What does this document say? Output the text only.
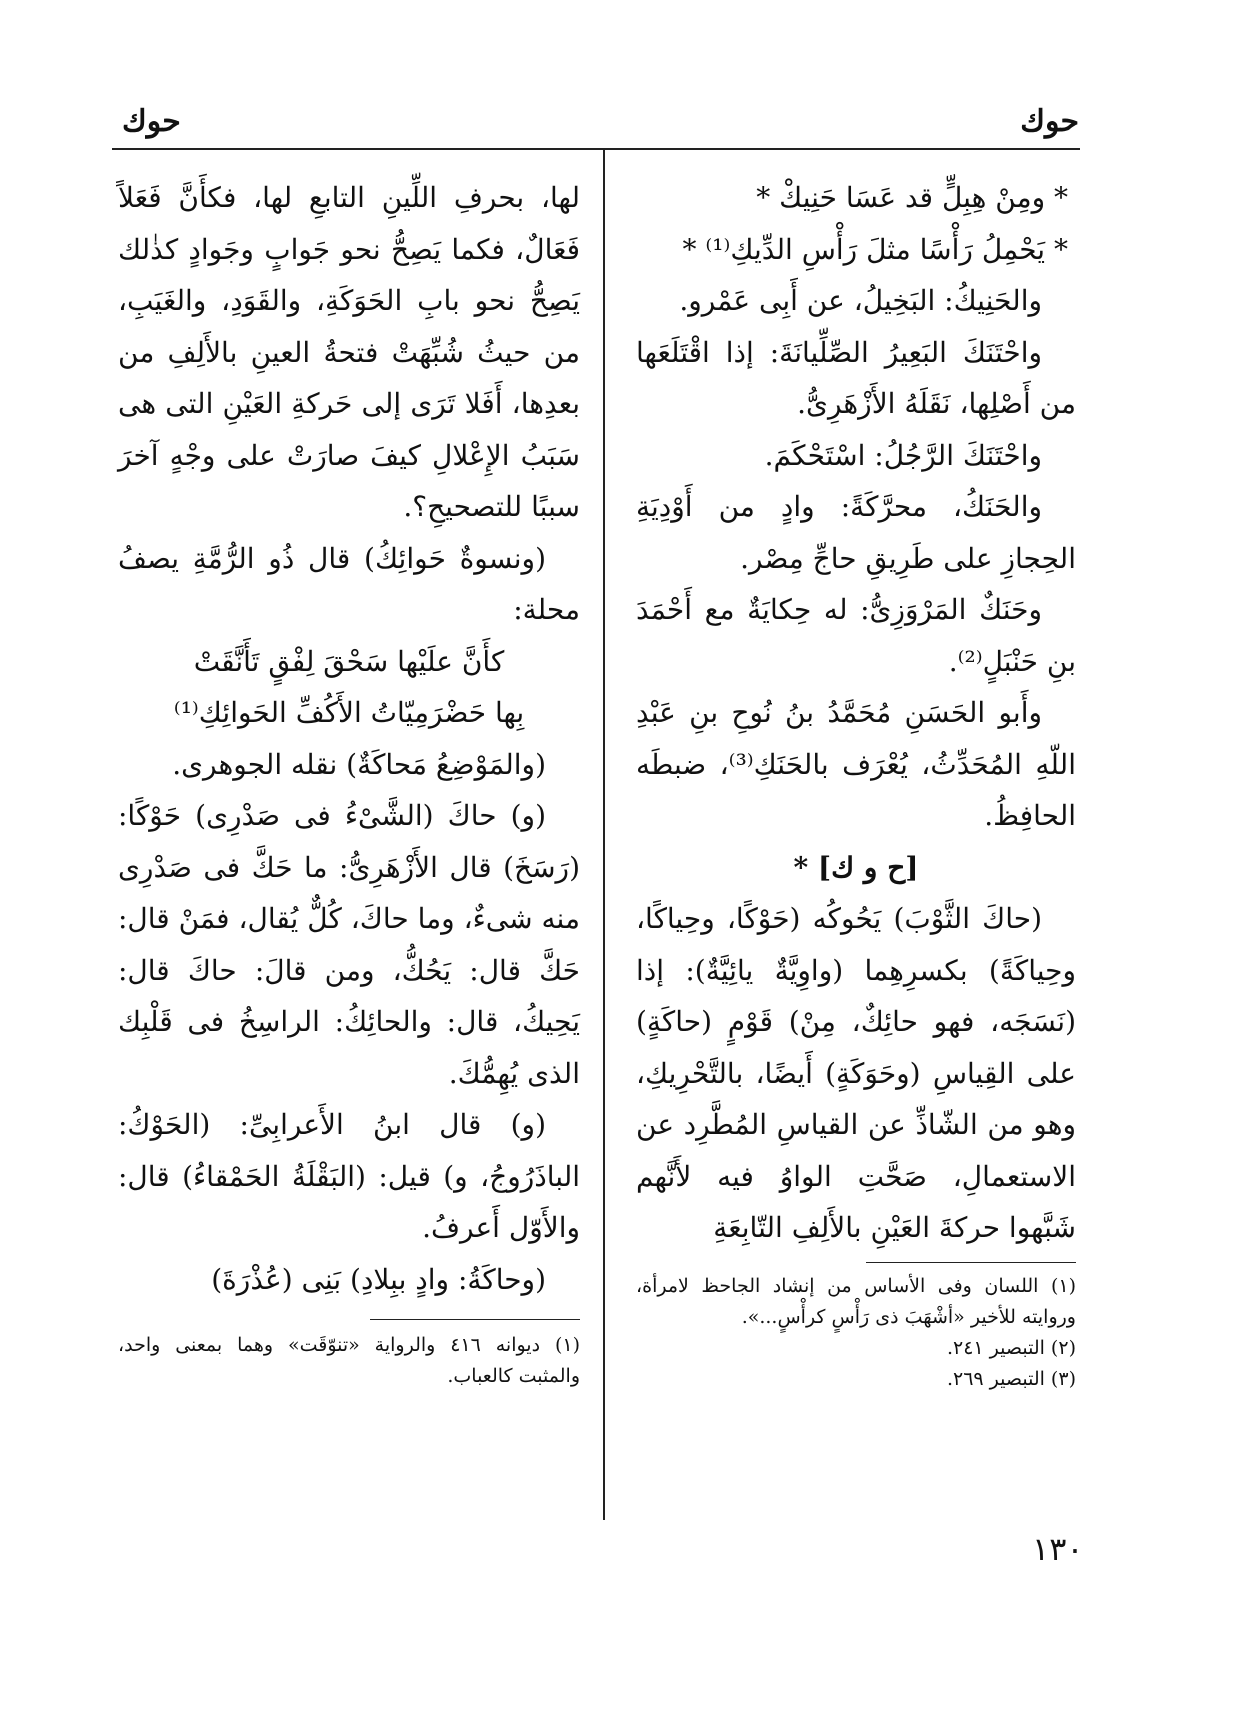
حوك
حوك

* ومِنْ هِبِلٍّ قد عَسَا حَنِيكْ *

* يَحْمِلُ رَأْسًا مثلَ رَأْسِ الدِّيكِ⁽¹⁾ *

والحَنِيكُ: البَخِيلُ، عن أَبِى عَمْرو.

واحْتَنَكَ البَعِيرُ الصِّلِّيانَةَ: إذا اقْتَلَعَها من أَصْلِها، نَقَلَهُ الأَزْهَرِىُّ.

واحْتَنَكَ الرَّجُلُ: اسْتَحْكَمَ.

والحَنَكُ، محرَّكَةً: وادٍ من أَوْدِيَةِ الحِجازِ على طَرِيقِ حاجِّ مِصْر.

وحَنَكٌ المَرْوَزِىُّ: له حِكايَةٌ مع أَحْمَدَ بنِ حَنْبَلٍ⁽²⁾.

وأَبو الحَسَنِ مُحَمَّدُ بنُ نُوحِ بنِ عَبْدِ اللّهِ المُحَدِّثُ، يُعْرَف بالحَنَكِ⁽³⁾، ضبطَه الحافِظُ.

[ح و ك] *

(حاكَ الثَّوْبَ) يَحُوكُه (حَوْكًا، وحِياكًا، وحِياكَةً) بكسرِهِما (واوِيَّةٌ يائِيَّةٌ): إذا (نَسَجَه، فهو حائِكٌ، مِنْ) قَوْمٍ (حاكَةٍ) على القِياسِ (وحَوَكَةٍ) أَيضًا، بالتَّحْرِيكِ، وهو من الشّاذِّ عن القياسِ المُطَّرِد عن الاستعمالِ، صَحَّتِ الواوُ فيه لأَنَّهم شَبَّهوا حركةَ العَيْنِ بالأَلِفِ التّابِعَةِ

(١) اللسان وفى الأساس من إنشاد الجاحظ لامرأة، وروايته للأخير «أشْهَبَ ذى رَأْسٍ كرأْسٍ...».

(٢) التبصير ٢٤١.

(٣) التبصير ٢٦٩.

لها، بحرفِ اللِّينِ التابعِ لها، فكأَنَّ فَعَلاً فَعَالٌ، فكما يَصِحُّ نحو جَوابٍ وجَوادٍ كذٰلك يَصِحُّ نحو بابِ الحَوَكَةِ، والقَوَدِ، والغَيَبِ، من حيثُ شُبِّهَتْ فتحةُ العينِ بالأَلِفِ من بعدِها، أَفَلا تَرَى إلى حَركةِ العَيْنِ التى هى سَبَبُ الإِعْلالِ كيفَ صارَتْ على وجْهٍ آخرَ سببًا للتصحيحِ؟.

(ونسوةٌ حَوائِكُ) قال ذُو الرُّمَّةِ يصفُ محلة:

كأَنَّ علَيْها سَحْقَ لِفْقٍ تَأَنَّقَتْ

بِها حَضْرَمِيّاتُ الأَكُفِّ الحَوائِكِ⁽¹⁾

(والمَوْضِعُ مَحاكَةٌ) نقله الجوهرى.

(و) حاكَ (الشَّىْءُ فى صَدْرِى) حَوْكًا: (رَسَخَ) قال الأَزْهَرِىُّ: ما حَكَّ فى صَدْرِى منه شىءٌ، وما حاكَ، كُلٌّ يُقال، فمَنْ قال: حَكَّ قال: يَحُكُّ، ومن قالَ: حاكَ قال: يَحِيكُ، قال: والحائِكُ: الراسِخُ فى قَلْبِك الذى يُهِمُّكَ.

(و) قال ابنُ الأَعرابِىِّ: (الحَوْكُ: الباذَرُوجُ، و) قيل: (البَقْلَةُ الحَمْقاءُ) قال: والأَوّل أَعرفُ.

(وحاكَةُ: وادٍ ببِلادِ) بَنِى (عُذْرَةَ)

(١) ديوانه ٤١٦ والرواية «تنوّقَت» وهما بمعنى واحد، والمثبت كالعباب.

١٣٠
